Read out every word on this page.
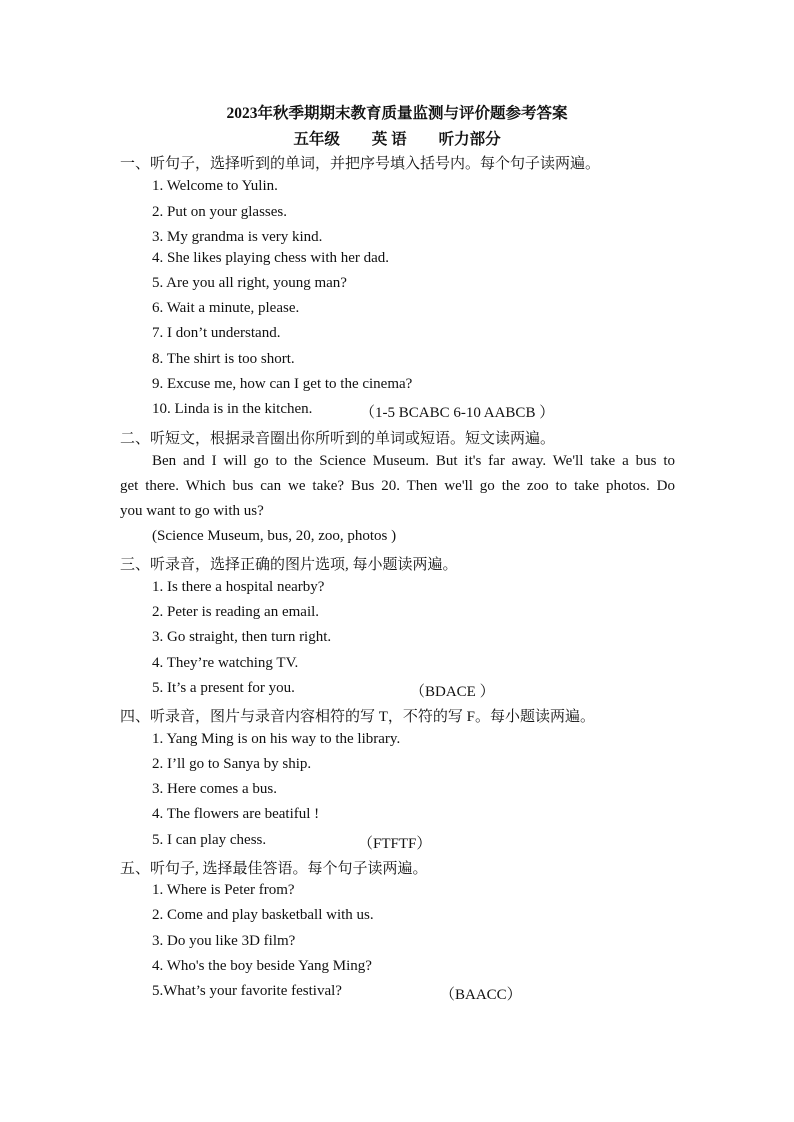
2023年秋季期期末教育质量监测与评价题参考答案
五年级 英 语 听力部分
一、听句子，选择听到的单词，并把序号填入括号内。每个句子读两遍。
1. Welcome to Yulin.
2. Put on your glasses.
3. My grandma is very kind.
4. She likes playing chess with her dad.
5. Are you all right, young man?
6. Wait a minute, please.
7. I don’t understand.
8. The shirt is too short.
9. Excuse me, how can I get to the cinema?
10. Linda is in the kitchen.	（1-5 BCABC 6-10 AABCB ）
二、听短文，根据录音圈出你所听到的单词或短语。短文读两遍。
Ben and I will go to the Science Museum. But it's far away. We'll take a bus to
get there. Which bus can we take? Bus 20. Then we'll go the zoo to take photos. Do
you want to go with us?
(Science Museum, bus, 20, zoo, photos )
三、听录音，选择正确的图片选项, 每小题读两遍。
1. Is there a hospital nearby?
2. Peter is reading an email.
3. Go straight, then turn right.
4. They’re watching TV.
5. It’s a present for you.	（BDACE ）
四、听录音，图片与录音内容相符的写 T，不符的写 F。每小题读两遍。
1. Yang Ming is on his way to the library.
2. I’ll go to Sanya by ship.
3. Here comes a bus.
4. The flowers are beatiful !
5. I can play chess.	（FTFTF）
五、听句子, 选择最佳答语。每个句子读两遍。
1. Where is Peter from?
2. Come and play basketball with us.
3. Do you like 3D film?
4. Who's the boy beside Yang Ming?
5.What’s your favorite festival?	（BAACC）
